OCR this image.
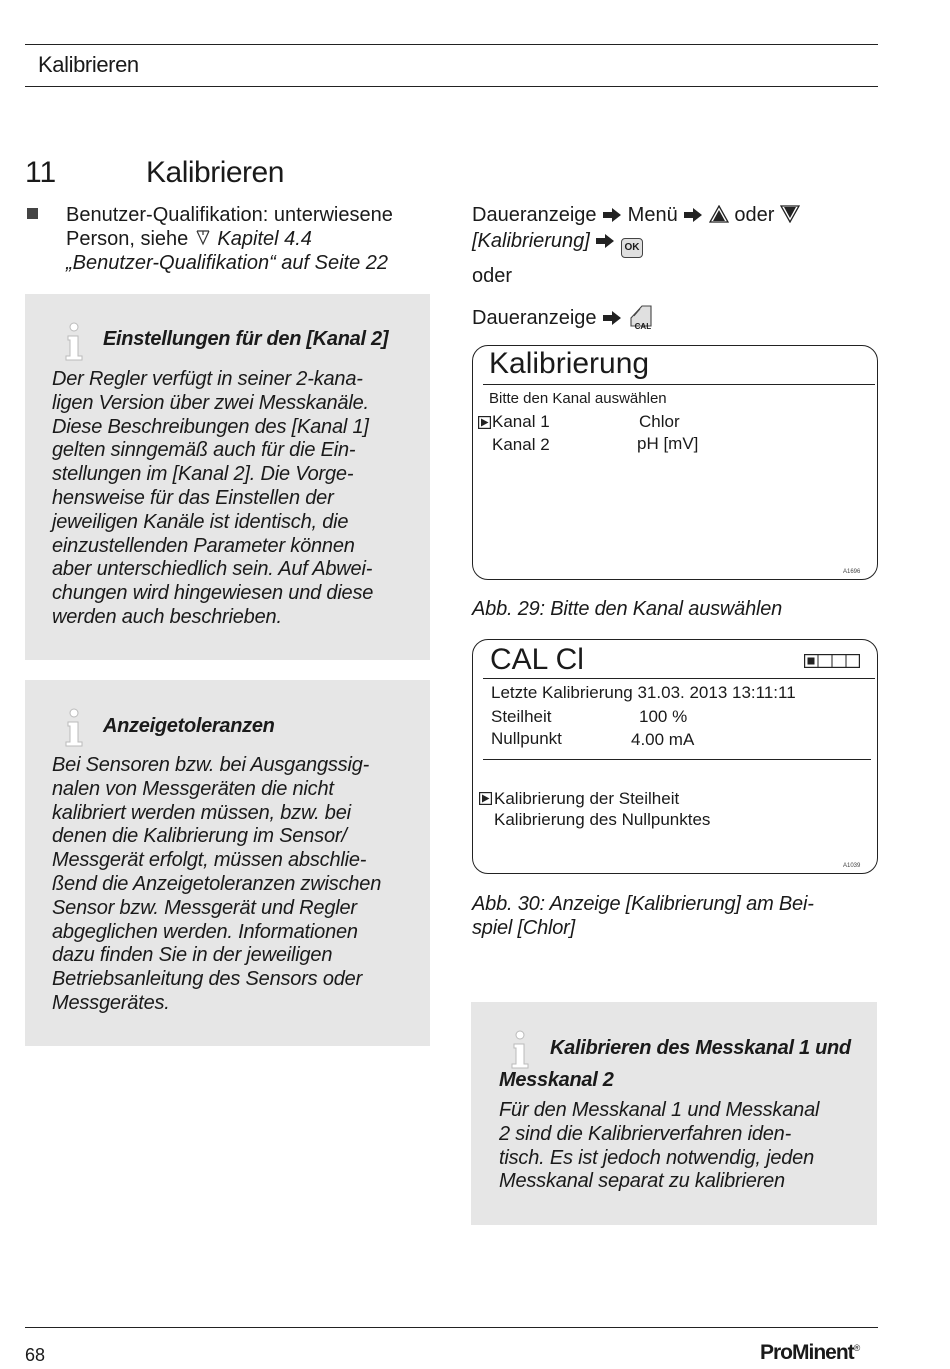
Kalibrieren
11	Kalibrieren
Benutzer-Qualifikation: unterwiesene
Person, siehe Kapitel 4.4
„Benutzer-Qualifikation“ auf Seite 22
Einstellungen für den [Kanal 2]
Der Regler verfügt in seiner 2-kana-
ligen Version über zwei Messkanäle.
Diese Beschreibungen des [Kanal 1]
gelten sinngemäß auch für die Ein-
stellungen im [Kanal 2]. Die Vorge-
hensweise für das Einstellen der
jeweiligen Kanäle ist identisch, die
einzustellenden Parameter können
aber unterschiedlich sein. Auf Abwei-
chungen wird hingewiesen und diese
werden auch beschrieben.
Anzeigetoleranzen
Bei Sensoren bzw. bei Ausgangssig-
nalen von Messgeräten die nicht
kalibriert werden müssen, bzw. bei
denen die Kalibrierung im Sensor/
Messgerät erfolgt, müssen abschlie-
ßend die Anzeigetoleranzen zwischen
Sensor bzw. Messgerät und Regler
abgeglichen werden. Informationen
dazu finden Sie in der jeweiligen
Betriebsanleitung des Sensors oder
Messgerätes.
Daueranzeige Menü	oder
[Kalibrierung]	OK
oder
Daueranzeige	CAL
Kalibrierung
Bitte den Kanal auswählen
Kanal 1	Chlor
Kanal 2	pH [mV]
A1696
Abb. 29: Bitte den Kanal auswählen
CAL Cl
Letzte Kalibrierung 31.03. 2013 13:11:11
Steilheit	100 %
Nullpunkt	4.00 mA
Kalibrierung der Steilheit
Kalibrierung des Nullpunktes
A1039
Abb. 30: Anzeige [Kalibrierung] am Bei-
spiel [Chlor]
Kalibrieren des Messkanal 1 und
Messkanal 2
Für den Messkanal 1 und Messkanal
2 sind die Kalibrierverfahren iden-
tisch. Es ist jedoch notwendig, jeden
Messkanal separat zu kalibrieren
68	ProMinent®
